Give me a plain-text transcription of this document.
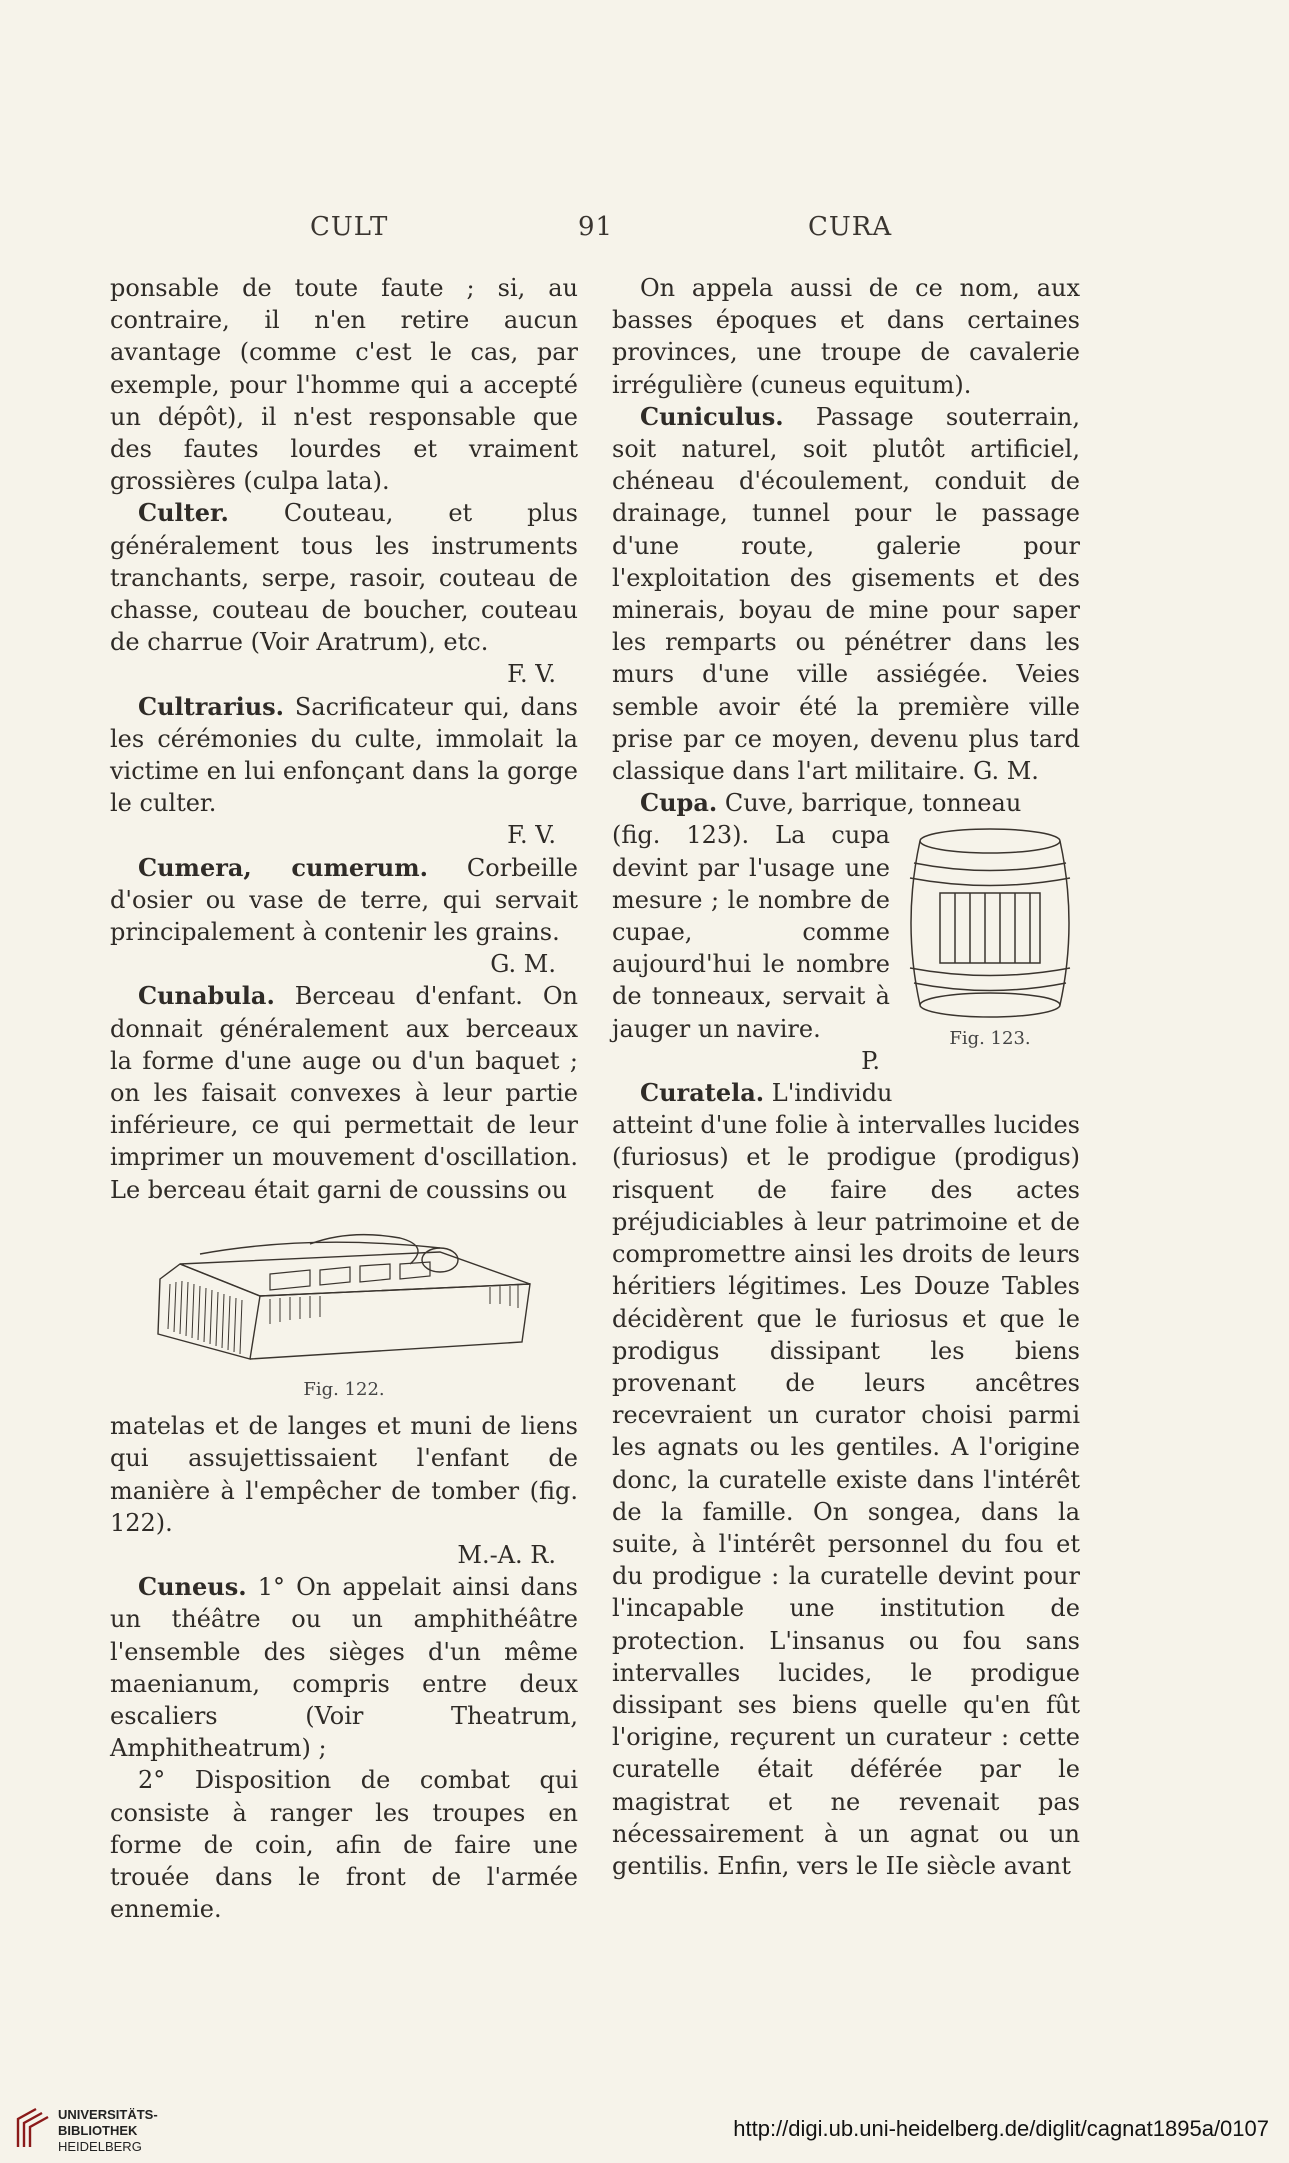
CULT	91	CURA

ponsable de toute faute ; si, au contraire, il n'en retire aucun avantage (comme c'est le cas, par exemple, pour l'homme qui a accepté un dépôt), il n'est responsable que des fautes lourdes et vraiment grossières (culpa lata).

Culter. Couteau, et plus généralement tous les instruments tranchants, serpe, rasoir, couteau de chasse, couteau de boucher, couteau de charrue (Voir Aratrum), etc.

F. V.

Cultrarius. Sacrificateur qui, dans les cérémonies du culte, immolait la victime en lui enfonçant dans la gorge le culter.

F. V.

Cumera, cumerum. Corbeille d'osier ou vase de terre, qui servait principalement à contenir les grains.

G. M.

Cunabula. Berceau d'enfant. On donnait généralement aux berceaux la forme d'une auge ou d'un baquet ; on les faisait convexes à leur partie inférieure, ce qui permettait de leur imprimer un mouvement d'oscillation. Le berceau était garni de coussins ou

Fig. 122.

matelas et de langes et muni de liens qui assujettissaient l'enfant de manière à l'empêcher de tomber (fig. 122).

M.-A. R.

Cuneus. 1° On appelait ainsi dans un théâtre ou un amphithéâtre l'ensemble des sièges d'un même maenianum, compris entre deux escaliers (Voir Theatrum, Amphitheatrum) ;

2° Disposition de combat qui consiste à ranger les troupes en forme de coin, afin de faire une trouée dans le front de l'armée ennemie.

On appela aussi de ce nom, aux basses époques et dans certaines provinces, une troupe de cavalerie irrégulière (cuneus equitum).

Cuniculus. Passage souterrain, soit naturel, soit plutôt artificiel, chéneau d'écoulement, conduit de drainage, tunnel pour le passage d'une route, galerie pour l'exploitation des gisements et des minerais, boyau de mine pour saper les remparts ou pénétrer dans les murs d'une ville assiégée. Veies semble avoir été la première ville prise par ce moyen, devenu plus tard classique dans l'art militaire. G. M.

Cupa. Cuve, barrique, tonneau

Fig. 123.

(fig. 123). La cupa devint par l'usage une mesure ; le nombre de cupae, comme aujourd'hui le nombre de tonneaux, servait à jauger un navire.

P.

Curatela. L'individu

atteint d'une folie à intervalles lucides (furiosus) et le prodigue (prodigus) risquent de faire des actes préjudiciables à leur patrimoine et de compromettre ainsi les droits de leurs héritiers légitimes. Les Douze Tables décidèrent que le furiosus et que le prodigus dissipant les biens provenant de leurs ancêtres recevraient un curator choisi parmi les agnats ou les gentiles. A l'origine donc, la curatelle existe dans l'intérêt de la famille. On songea, dans la suite, à l'intérêt personnel du fou et du prodigue : la curatelle devint pour l'incapable une institution de protection. L'insanus ou fou sans intervalles lucides, le prodigue dissipant ses biens quelle qu'en fût l'origine, reçurent un curateur : cette curatelle était déférée par le magistrat et ne revenait pas nécessairement à un agnat ou un gentilis. Enfin, vers le IIe siècle avant

UNIVERSITÄTS-
BIBLIOTHEK
HEIDELBERG
http://digi.ub.uni-heidelberg.de/diglit/cagnat1895a/0107
